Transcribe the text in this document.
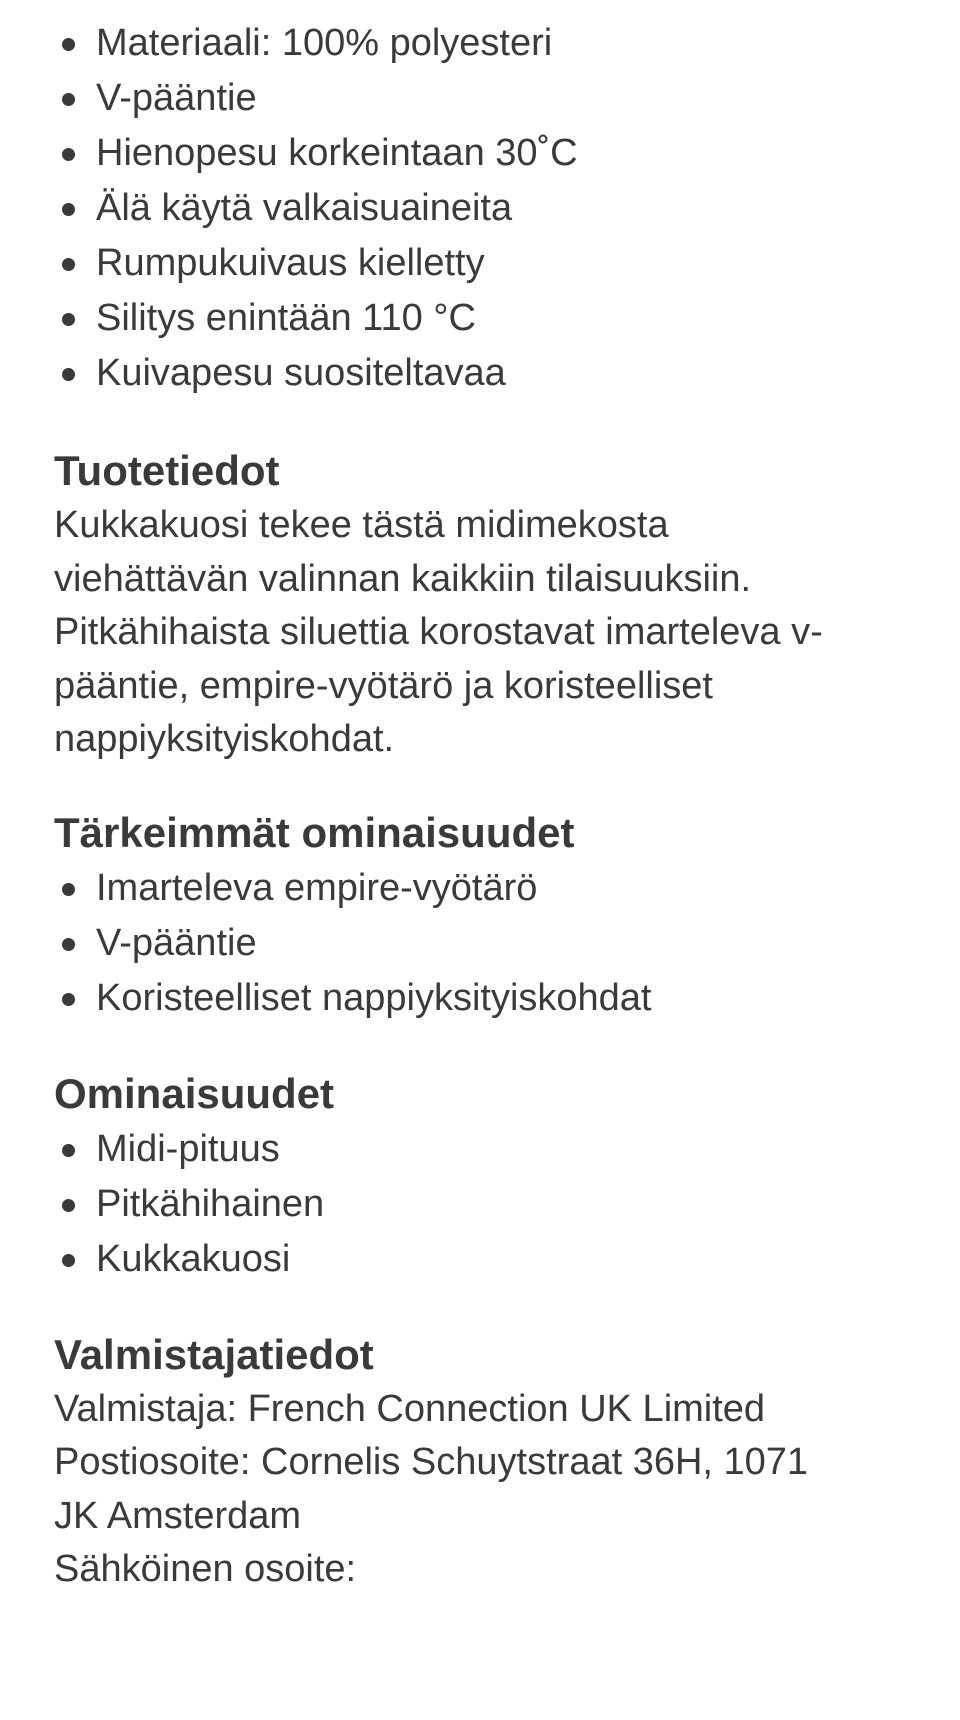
Materiaali: 100% polyesteri
V-pääntie
Hienopesu korkeintaan 30˚C
Älä käytä valkaisuaineita
Rumpukuivaus kielletty
Silitys enintään 110 °C
Kuivapesu suositeltavaa
Tuotetiedot

Kukkakuosi tekee tästä midimekosta
viehättävän valinnan kaikkiin tilaisuuksiin.
Pitkähihaista siluettia korostavat imarteleva v-
pääntie, empire-vyötärö ja koristeelliset
nappiyksityiskohdat.

Tärkeimmät ominaisuudet
Imarteleva empire-vyötärö
V-pääntie
Koristeelliset nappiyksityiskohdat
Ominaisuudet
Midi-pituus
Pitkähihainen
Kukkakuosi
Valmistajatiedot

Valmistaja: French Connection UK Limited
Postiosoite: Cornelis Schuytstraat 36H, 1071
JK Amsterdam
Sähköinen osoite:
